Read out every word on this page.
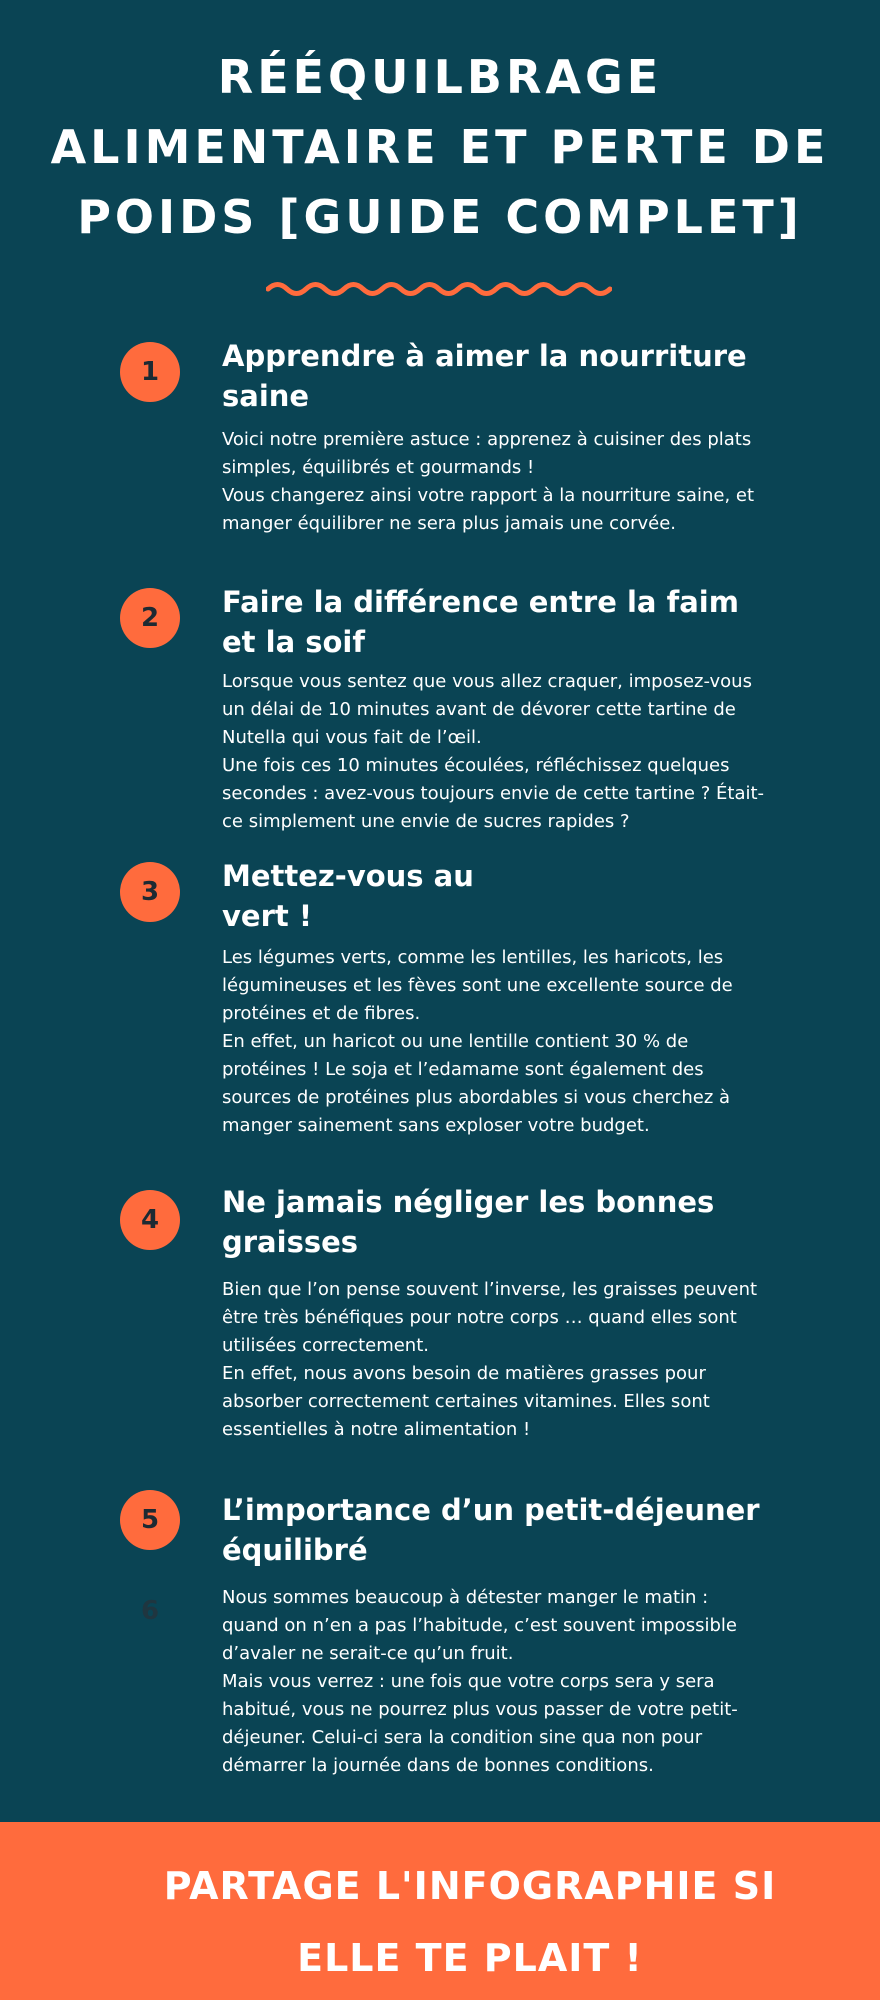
RÉÉQUILBRAGE ALIMENTAIRE ET PERTE DE POIDS [GUIDE COMPLET]
1	Apprendre à aimer la nourriture saine

Voici notre première astuce : apprenez à cuisiner des plats simples, équilibrés et gourmands !

Vous changerez ainsi votre rapport à la nourriture saine, et manger équilibrer ne sera plus jamais une corvée.

2	Faire la différence entre la faim et la soif

Lorsque vous sentez que vous allez craquer, imposez-vous un délai de 10 minutes avant de dévorer cette tartine de Nutella qui vous fait de l’œil.

Une fois ces 10 minutes écoulées, réfléchissez quelques secondes : avez-vous toujours envie de cette tartine ? Était-ce simplement une envie de sucres rapides ?

3	Mettez-vous au vert !

Les légumes verts, comme les lentilles, les haricots, les légumineuses et les fèves sont une excellente source de protéines et de fibres.

En effet, un haricot ou une lentille contient 30 % de protéines ! Le soja et l’edamame sont également des sources de protéines plus abordables si vous cherchez à manger sainement sans exploser votre budget.

4
Ne jamais négliger les bonnes graisses

Bien que l’on pense souvent l’inverse, les graisses peuvent être très bénéfiques pour notre corps … quand elles sont utilisées correctement.

En effet, nous avons besoin de matières grasses pour absorber correctement certaines vitamines. Elles sont essentielles à notre alimentation !

5	L’importance d’un petit-déjeuner équilibré
6	Nous sommes beaucoup à détester manger le matin : quand on n’en a pas l’habitude, c’est souvent impossible d’avaler ne serait-ce qu’un fruit.

Mais vous verrez : une fois que votre corps sera y sera habitué, vous ne pourrez plus vous passer de votre petit-déjeuner. Celui-ci sera la condition sine qua non pour démarrer la journée dans de bonnes conditions.

PARTAGE L'INFOGRAPHIE SI ELLE TE PLAIT !
